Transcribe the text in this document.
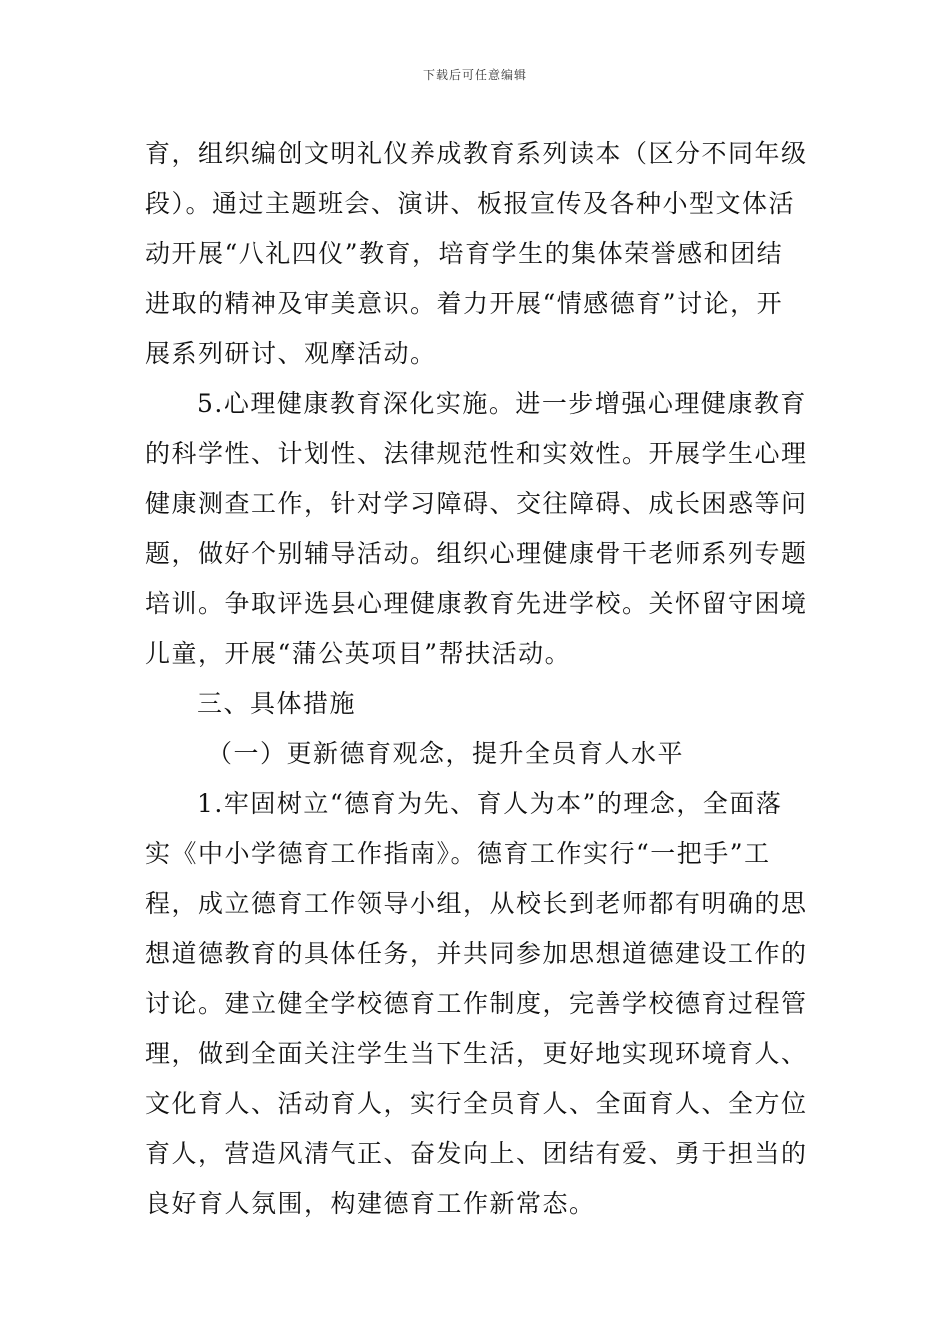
下载后可任意编辑
育，组织编创文明礼仪养成教育系列读本（区分不同年级
段）。通过主题班会、演讲、板报宣传及各种小型文体活
动开展“八礼四仪”教育，培育学生的集体荣誉感和团结
进取的精神及审美意识。着力开展“情感德育”讨论，开
展系列研讨、观摩活动。
5.心理健康教育深化实施。进一步增强心理健康教育
的科学性、计划性、法律规范性和实效性。开展学生心理
健康测查工作，针对学习障碍、交往障碍、成长困惑等问
题，做好个别辅导活动。组织心理健康骨干老师系列专题
培训。争取评选县心理健康教育先进学校。关怀留守困境
儿童，开展“蒲公英项目”帮扶活动。
三、具体措施
（一）更新德育观念，提升全员育人水平
1.牢固树立“德育为先、育人为本”的理念，全面落
实《中小学德育工作指南》。德育工作实行“一把手”工
程，成立德育工作领导小组，从校长到老师都有明确的思
想道德教育的具体任务，并共同参加思想道德建设工作的
讨论。建立健全学校德育工作制度，完善学校德育过程管
理，做到全面关注学生当下生活，更好地实现环境育人、
文化育人、活动育人，实行全员育人、全面育人、全方位
育人，营造风清气正、奋发向上、团结有爱、勇于担当的
良好育人氛围，构建德育工作新常态。
